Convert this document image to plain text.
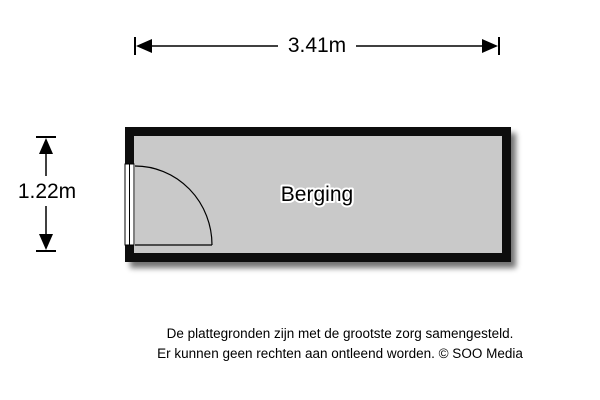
3.41m
1.22m	Berging
De plattegronden zijn met de grootste zorg samengesteld.
Er kunnen geen rechten aan ontleend worden. © SOO Media
